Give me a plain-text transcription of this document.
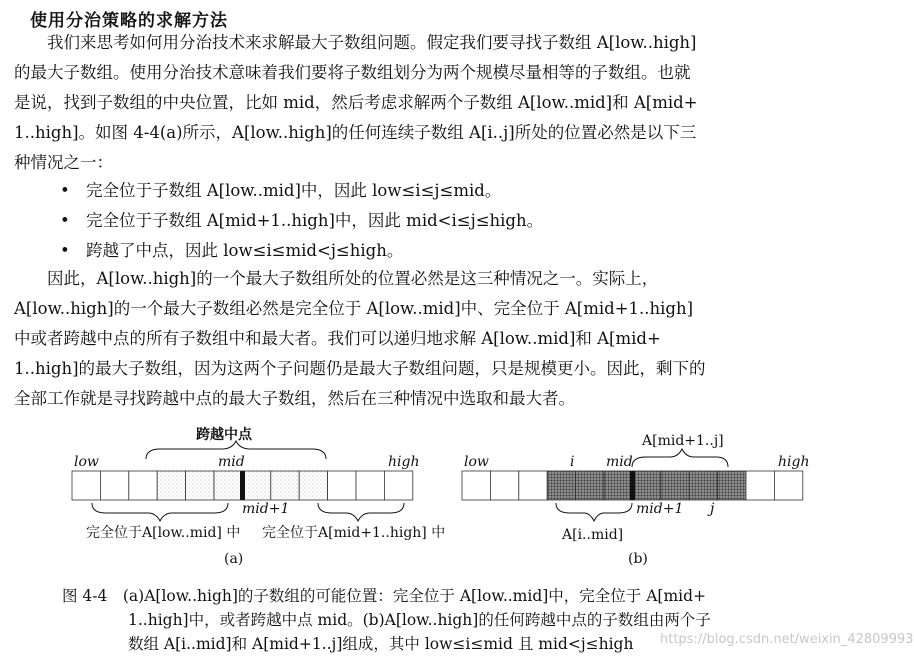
使用分治策略的求解方法
　　我们来思考如何用分治技术来求解最大子数组问题。假定我们要寻找子数组 A[low..high]
的最大子数组。使用分治技术意味着我们要将子数组划分为两个规模尽量相等的子数组。也就
是说，找到子数组的中央位置，比如 mid，然后考虑求解两个子数组 A[low..mid]和 A[mid+
1..high]。如图 4-4(a)所示，A[low..high]的任何连续子数组 A[i..j]所处的位置必然是以下三
种情况之一：
• 完全位于子数组 A[low..mid]中，因此 low≤i≤j≤mid。
• 完全位于子数组 A[mid+1..high]中，因此 mid<i≤j≤high。
• 跨越了中点，因此 low≤i≤mid<j≤high。
　　因此，A[low..high]的一个最大子数组所处的位置必然是这三种情况之一。实际上，
A[low..high]的一个最大子数组必然是完全位于 A[low..mid]中、完全位于 A[mid+1..high]
中或者跨越中点的所有子数组中和最大者。我们可以递归地求解 A[low..mid]和 A[mid+
1..high]的最大子数组，因为这两个子问题仍是最大子数组问题，只是规模更小。因此，剩下的
全部工作就是寻找跨越中点的最大子数组，然后在三种情况中选取和最大者。
跨越中点
low	mid	high
mid+1
完全位于A[low..mid] 中 完全位于A[mid+1..high] 中
(a)
A[mid+1..j]
low	i mid	high
mid+1 j
A[i..mid]
(b)
图 4-4　(a)A[low..high]的子数组的可能位置：完全位于 A[low..mid]中，完全位于 A[mid+
1..high]中，或者跨越中点 mid。(b)A[low..high]的任何跨越中点的子数组由两个子
数组 A[i..mid]和 A[mid+1..j]组成，其中 low≤i≤mid 且 mid<j≤high	https://blog.csdn.net/weixin_42809993
